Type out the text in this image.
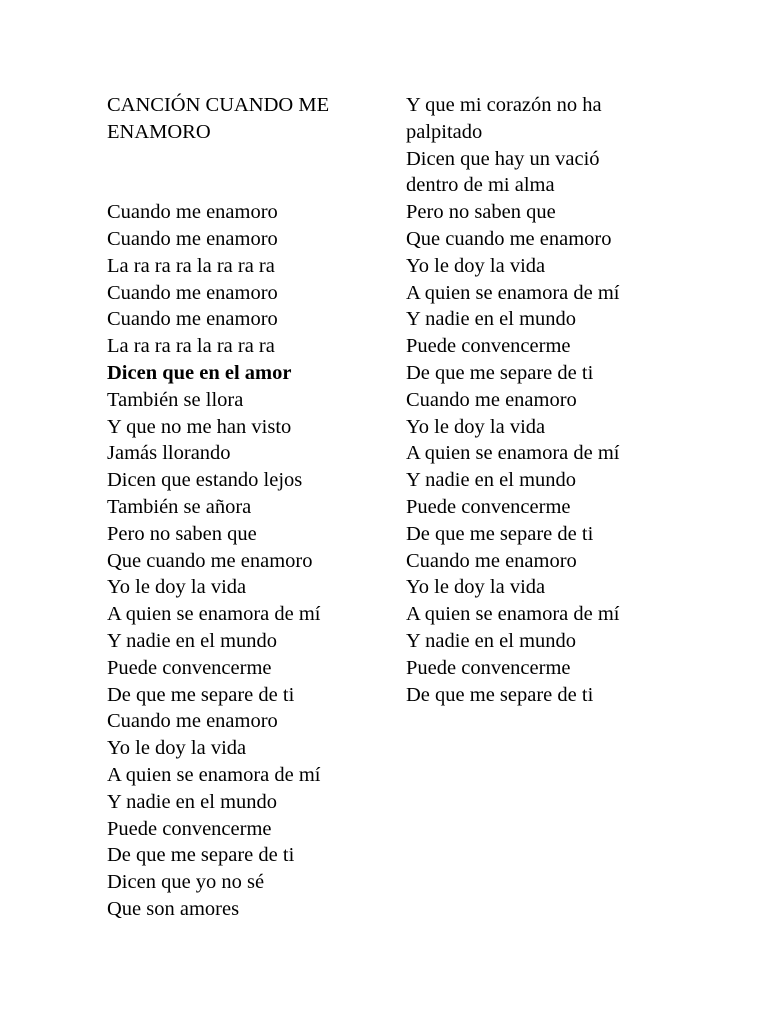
CANCIÓN CUANDO ME
ENAMORO
Cuando me enamoro
Cuando me enamoro
La ra ra ra la ra ra ra
Cuando me enamoro
Cuando me enamoro
La ra ra ra la ra ra ra
Dicen que en el amor
También se llora
Y que no me han visto
Jamás llorando
Dicen que estando lejos
También se añora
Pero no saben que
Que cuando me enamoro
Yo le doy la vida
A quien se enamora de mí
Y nadie en el mundo
Puede convencerme
De que me separe de ti
Cuando me enamoro
Yo le doy la vida
A quien se enamora de mí
Y nadie en el mundo
Puede convencerme
De que me separe de ti
Dicen que yo no sé
Que son amores
Y que mi corazón no ha
palpitado
Dicen que hay un vació
dentro de mi alma
Pero no saben que
Que cuando me enamoro
Yo le doy la vida
A quien se enamora de mí
Y nadie en el mundo
Puede convencerme
De que me separe de ti
Cuando me enamoro
Yo le doy la vida
A quien se enamora de mí
Y nadie en el mundo
Puede convencerme
De que me separe de ti
Cuando me enamoro
Yo le doy la vida
A quien se enamora de mí
Y nadie en el mundo
Puede convencerme
De que me separe de ti
